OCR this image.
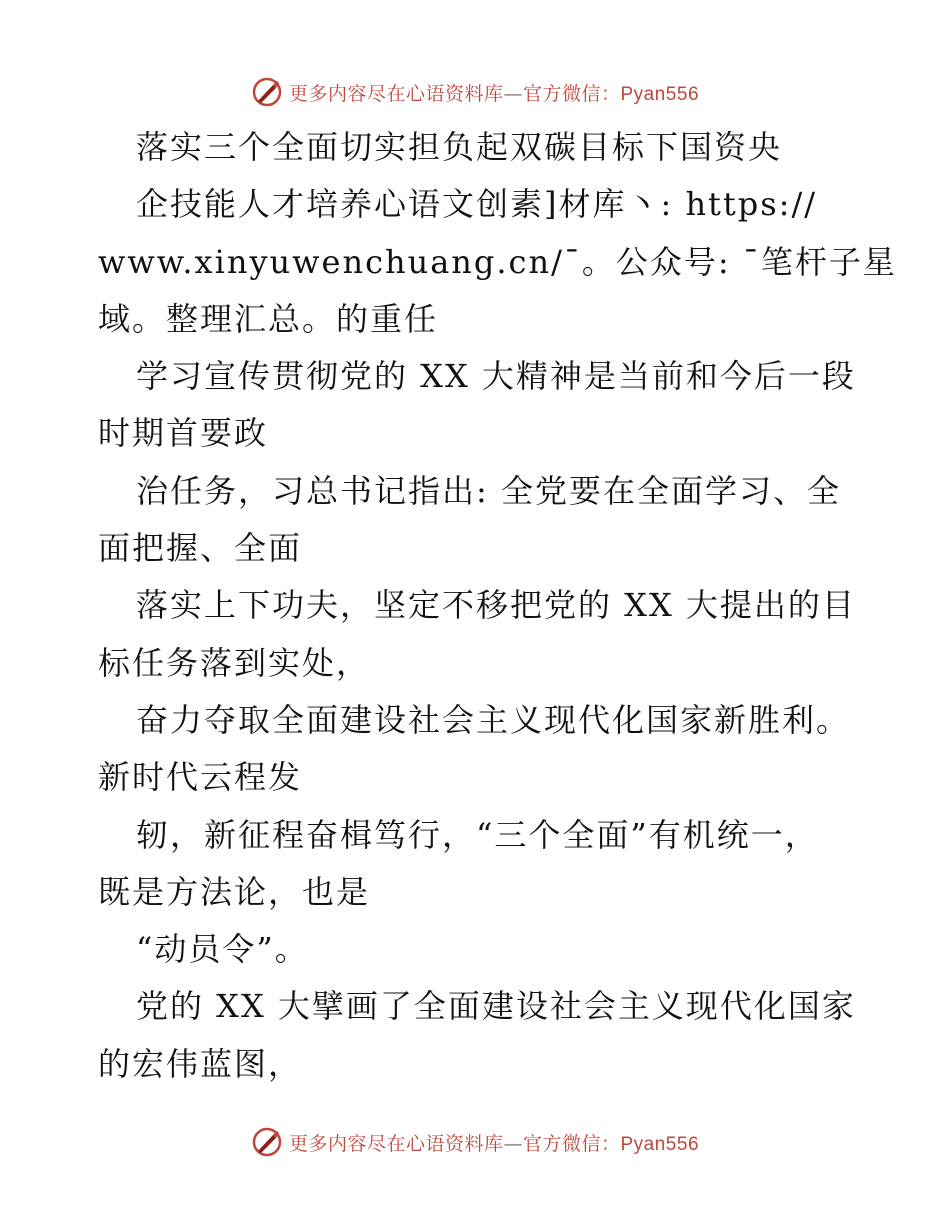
更多内容尽在心语资料库—官方微信：Pyan556
落实三个全面切实担负起双碳目标下国资央
企技能人才培养心语文创素]材库丶: https://
www.xinyuwenchuang.cn/¯。公众号: ¯笔杆子星
域。整理汇总。的重任
学习宣传贯彻党的 XX 大精神是当前和今后一段
时期首要政
治任务，习总书记指出: 全党要在全面学习、全
面把握、全面
落实上下功夫，坚定不移把党的 XX 大提出的目
标任务落到实处，
奋力夺取全面建设社会主义现代化国家新胜利。
新时代云程发
轫，新征程奋楫笃行，“三个全面”有机统一，
既是方法论，也是
“动员令”。
党的 XX 大擘画了全面建设社会主义现代化国家
的宏伟蓝图，
更多内容尽在心语资料库—官方微信：Pyan556
